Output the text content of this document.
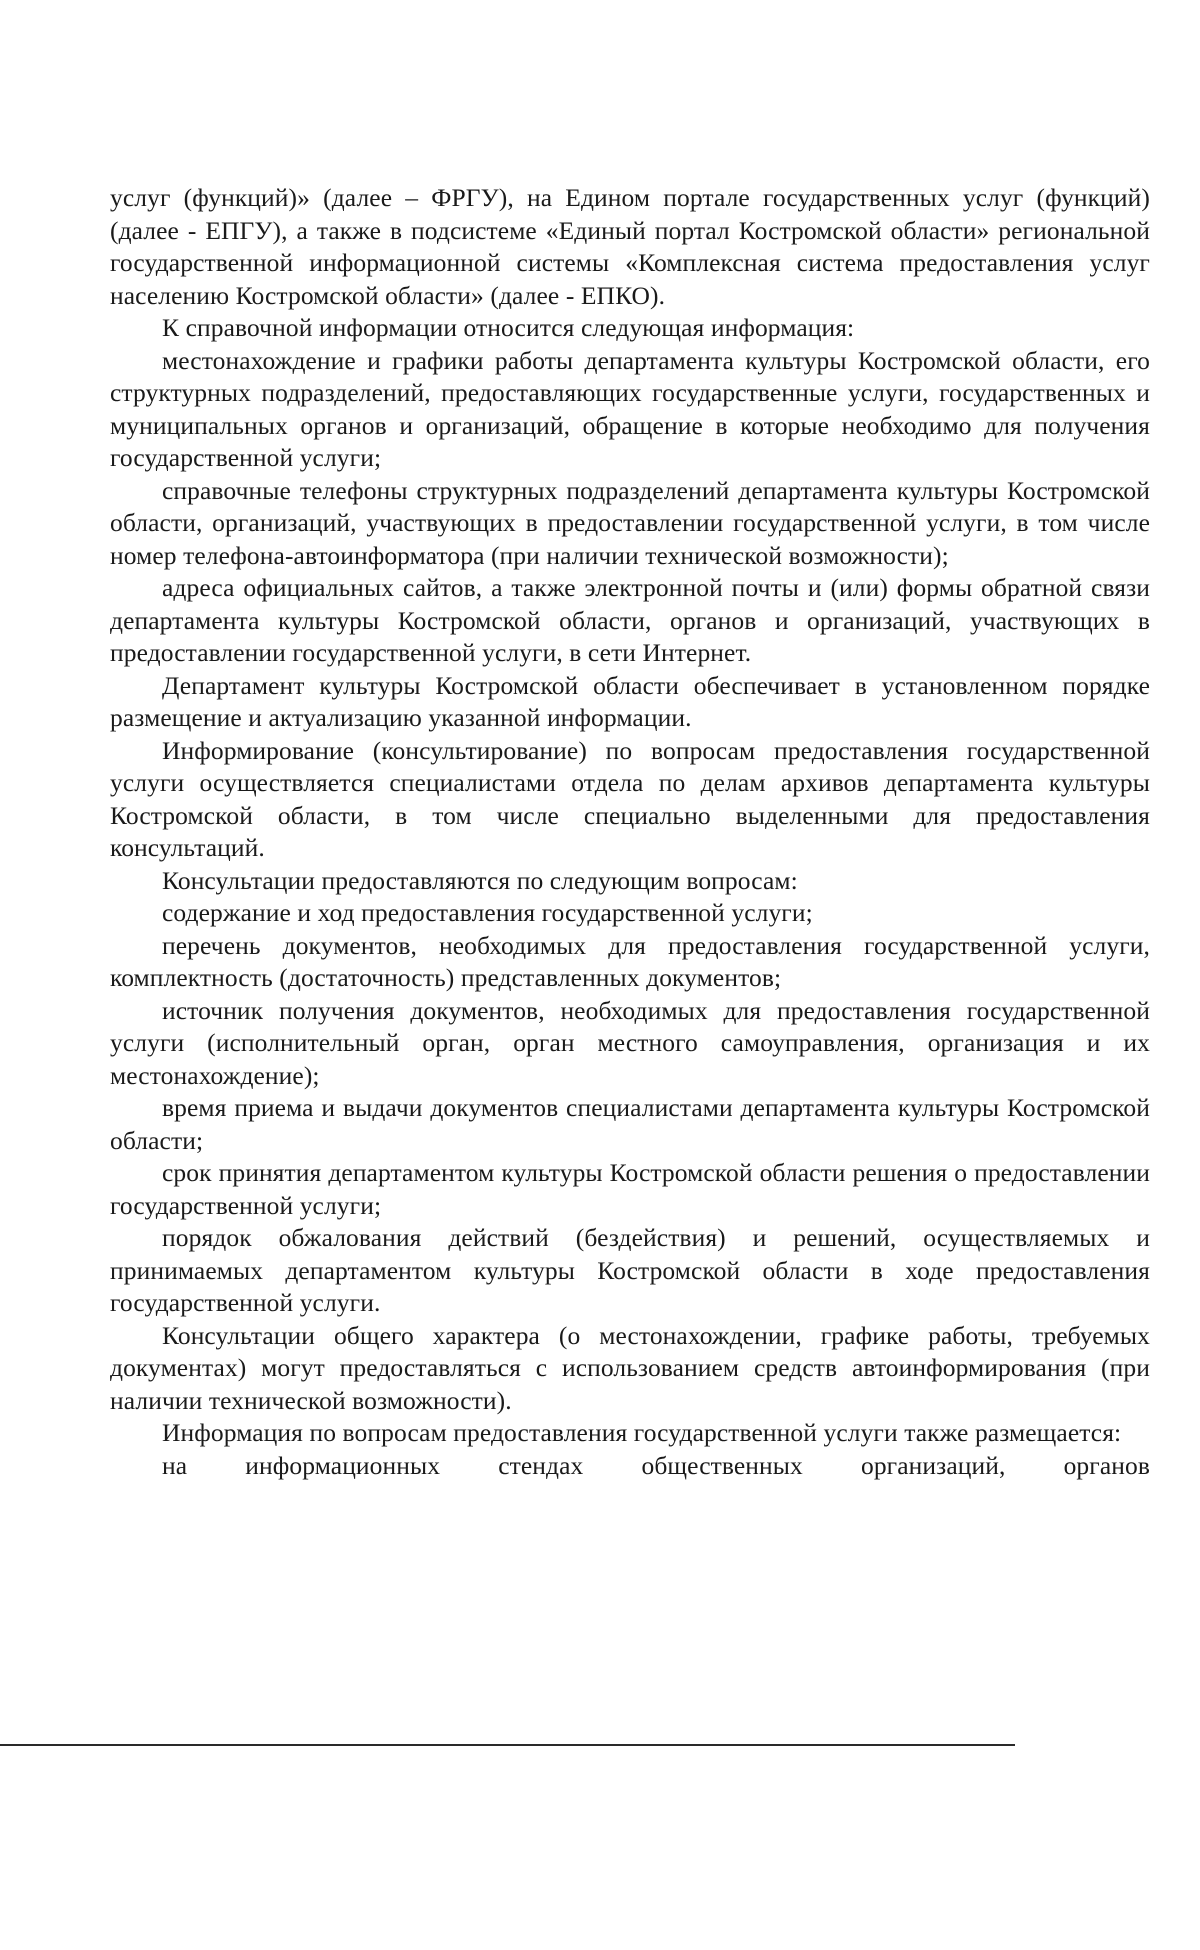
услуг (функций)» (далее – ФРГУ), на Едином портале государственных услуг (функций) (далее - ЕПГУ), а также в подсистеме «Единый портал Костромской области» региональной государственной информационной системы «Комплексная система предоставления услуг населению Костромской области» (далее - ЕПКО).

К справочной информации относится следующая информация:

местонахождение и графики работы департамента культуры Костромской области, его структурных подразделений, предоставляющих государственные услуги, государственных и муниципальных органов и организаций, обращение в которые необходимо для получения государственной услуги;

справочные телефоны структурных подразделений департамента культуры Костромской области, организаций, участвующих в предоставлении государственной услуги, в том числе номер телефона-автоинформатора (при наличии технической возможности);

адреса официальных сайтов, а также электронной почты и (или) формы обратной связи департамента культуры Костромской области, органов и организаций, участвующих в предоставлении государственной услуги, в сети Интернет.

Департамент культуры Костромской области обеспечивает в установленном порядке размещение и актуализацию указанной информации.

Информирование (консультирование) по вопросам предоставления государственной услуги осуществляется специалистами отдела по делам архивов департамента культуры Костромской области, в том числе специально выделенными для предоставления консультаций.

Консультации предоставляются по следующим вопросам:

содержание и ход предоставления государственной услуги;

перечень документов, необходимых для предоставления государственной услуги, комплектность (достаточность) представленных документов;

источник получения документов, необходимых для предоставления государственной услуги (исполнительный орган, орган местного самоуправления, организация и их местонахождение);

время приема и выдачи документов специалистами департамента культуры Костромской области;

срок принятия департаментом культуры Костромской области решения о предоставлении государственной услуги;

порядок обжалования действий (бездействия) и решений, осуществляемых и принимаемых департаментом культуры Костромской области в ходе предоставления государственной услуги.

Консультации общего характера (о местонахождении, графике работы, требуемых документах) могут предоставляться с использованием средств автоинформирования (при наличии технической возможности).

Информация по вопросам предоставления государственной услуги также размещается:

на информационных стендах общественных организаций, органов
